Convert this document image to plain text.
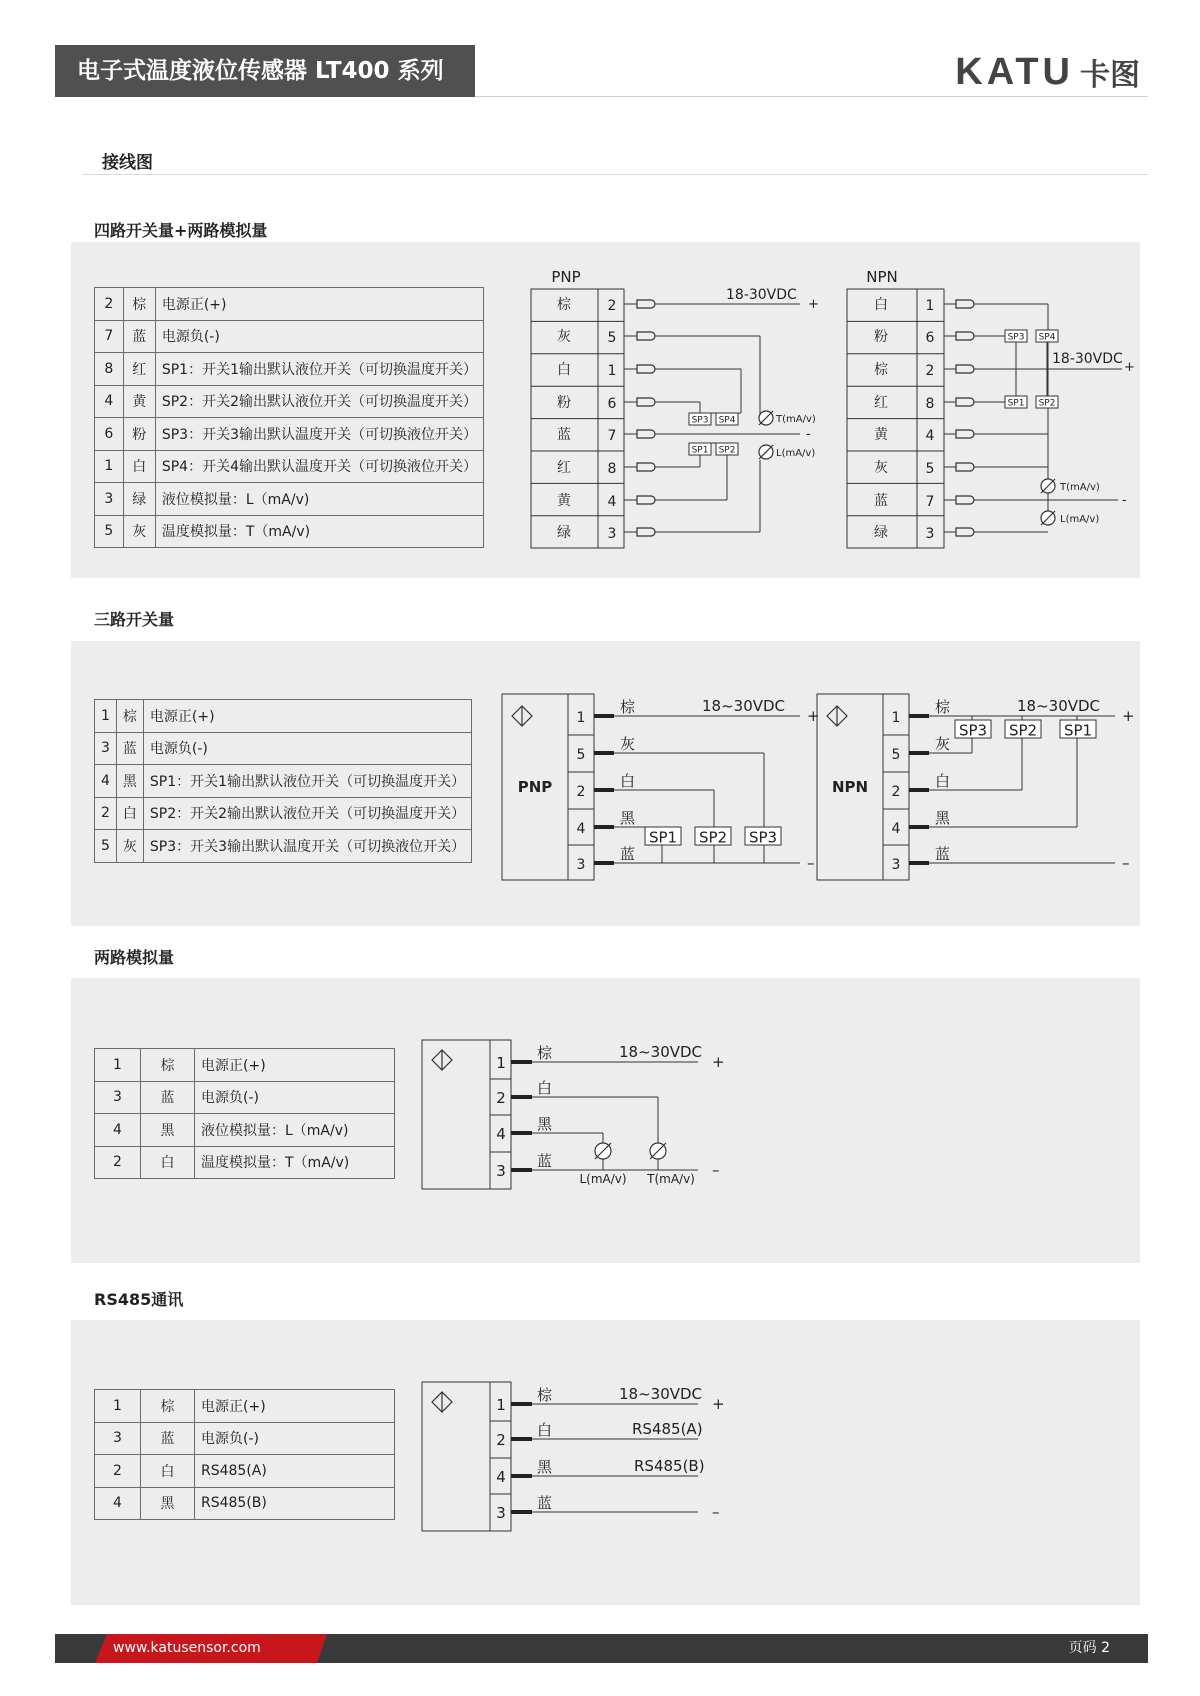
电子式温度液位传感器 LT400 系列	KATU 卡图
接线图
四路开关量+两路模拟量
2	棕	电源正(+)
7	蓝	电源负(-)
8	红	SP1：开关1输出默认液位开关（可切换温度开关）
4	黄	SP2：开关2输出默认液位开关（可切换温度开关）
6	粉	SP3：开关3输出默认温度开关（可切换液位开关）
1	白	SP4：开关4输出默认温度开关（可切换液位开关）
3	绿	液位模拟量：L（mA/v)
5	灰	温度模拟量：T（mA/v)
PNP
棕	2
灰	5
白	1
粉	6
蓝	7
红	8
黄	4
绿	3
18-30VDC
+
T(mA/v)
-
L(mA/v)
SP3 SP4
SP1 SP2
NPN
白	1
粉	6
棕	2
红	8
黄	4
灰	5
蓝	7
绿	3
SP3 SP4
18-30VDC
+
SP1 SP2
T(mA/v)
-
L(mA/v)
三路开关量
1	棕	电源正(+)
3	蓝	电源负(-)
4	黑	SP1：开关1输出默认液位开关（可切换温度开关）
2	白	SP2：开关2输出默认液位开关（可切换温度开关）
5	灰	SP3：开关3输出默认温度开关（可切换液位开关）
PNP
1
棕
5
灰
2
白
4
黑
3
蓝
18~30VDC
+
–
SP1 SP2 SP3
NPN
1
棕
5
灰
2
白
4
黑
3
蓝
18~30VDC
+
–
SP3 SP2 SP1
两路模拟量
1	棕	电源正(+)
3	蓝	电源负(-)
4	黑	液位模拟量：L（mA/v)
2	白	温度模拟量：T（mA/v)
1
棕
2
白
4
黑
3
蓝
18~30VDC
+
–
L(mA/v) T(mA/v)
RS485通讯
1	棕	电源正(+)
3	蓝	电源负(-)
2	白	RS485(A)
4	黑	RS485(B)
1
棕
2
白
4
黑
3
蓝
18~30VDC
+
RS485(A)
RS485(B)
–
www.katusensor.com	页码 2
